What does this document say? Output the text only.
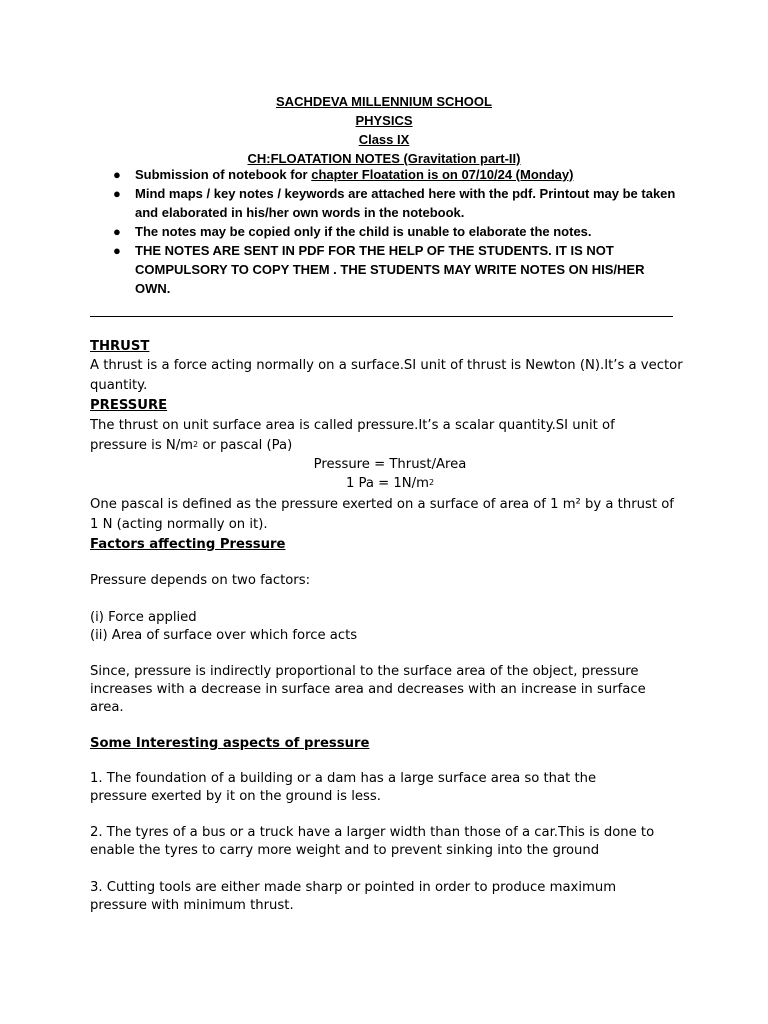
SACHDEVA MILLENNIUM SCHOOL

PHYSICS

Class IX

CH:FLOATATION NOTES (Gravitation part-II)

● Submission of notebook for chapter Floatation is on 07/10/24 (Monday)
● Mind maps / key notes / keywords are attached here with the pdf. Printout may be taken and elaborated in his/her own words in the notebook.
● The notes may be copied only if the child is unable to elaborate the notes.
● THE NOTES ARE SENT IN PDF FOR THE HELP OF THE STUDENTS. IT IS NOT COMPULSORY TO COPY THEM . THE STUDENTS MAY WRITE NOTES ON HIS/HER OWN.

THRUST

A thrust is a force acting normally on a surface.SI unit of thrust is Newton (N).It’s a vector quantity.

PRESSURE

The thrust on unit surface area is called pressure.It’s a scalar quantity.SI unit of pressure is $N/m^2$ or pascal (Pa)

Pressure = Thrust/Area

1 $Pa = 1N/m^2$

One pascal is defined as the pressure exerted on a surface of area of 1 m² by a thrust of 1 N (acting normally on it).

Factors affecting Pressure

Pressure depends on two factors:

(i) Force applied

(ii) Area of surface over which force acts

Since, pressure is indirectly proportional to the surface area of the object, pressure increases with a decrease in surface area and decreases with an increase in surface area.

Some Interesting aspects of pressure

1. The foundation of a building or a dam has a large surface area so that the pressure exerted by it on the ground is less.

2. The tyres of a bus or a truck have a larger width than those of a car.This is done to enable the tyres to carry more weight and to prevent sinking into the ground

3. Cutting tools are either made sharp or pointed in order to produce maximum pressure with minimum thrust.
